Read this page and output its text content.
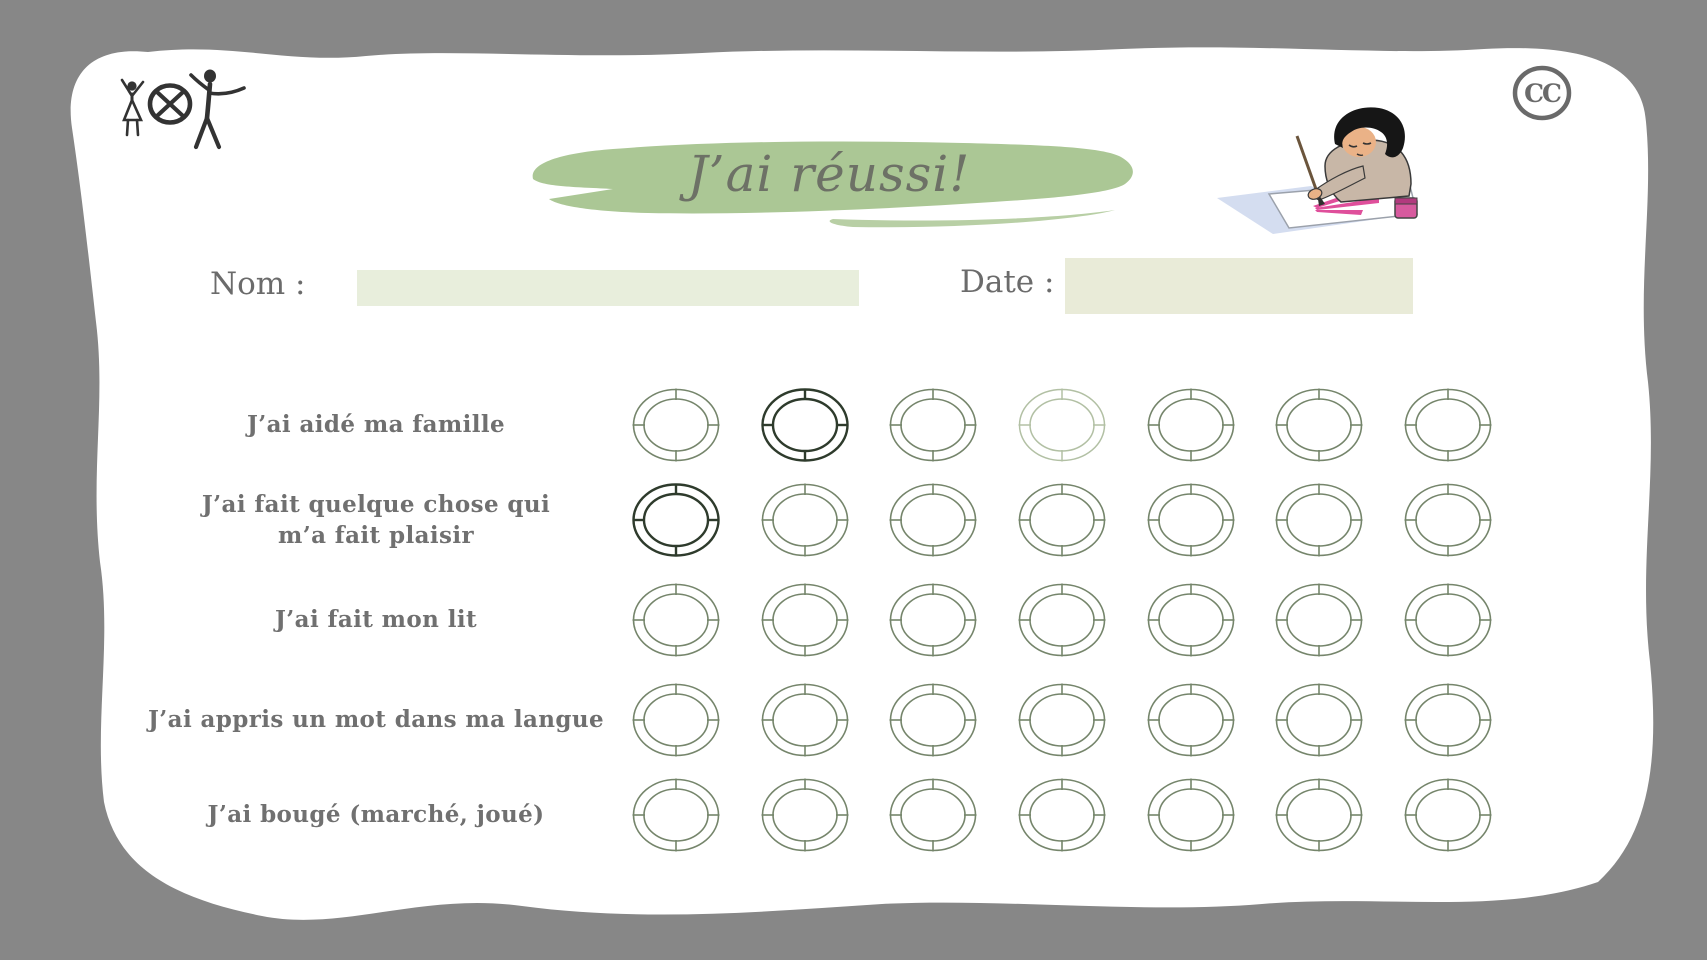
J’ai réussi!
CC
Nom :	Date :
J’ai aidé ma famille
J’ai fait quelque chose qui m’a fait plaisir
J’ai fait mon lit
J’ai appris un mot dans ma langue
J’ai bougé (marché, joué)
